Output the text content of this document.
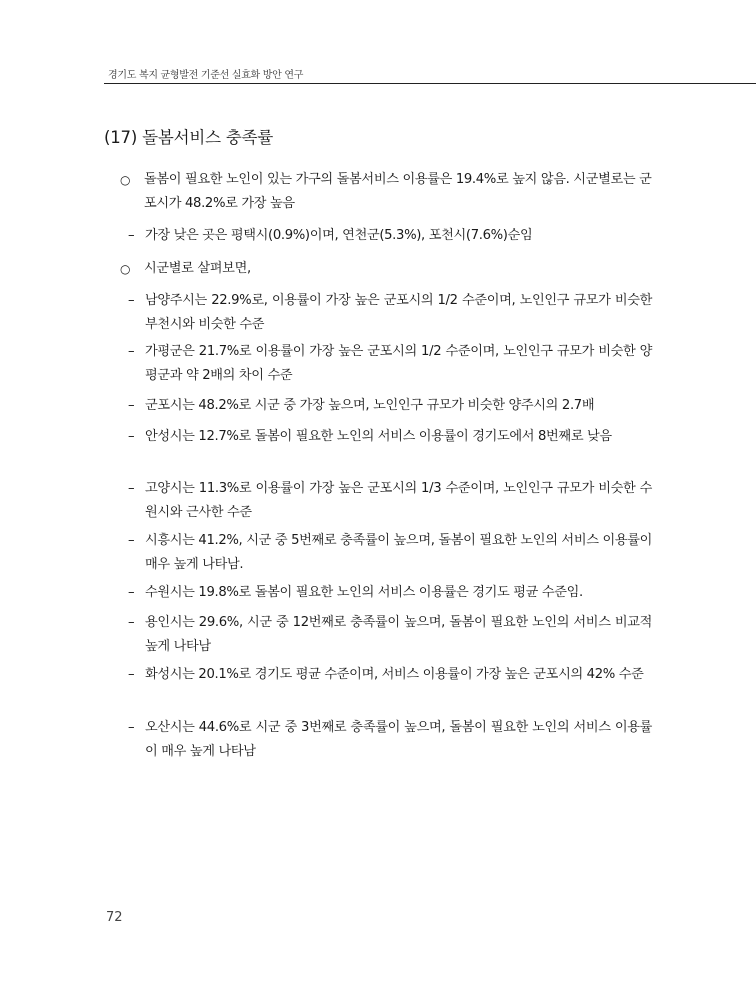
경기도 복지 균형발전 기준선 실효화 방안 연구
(17) 돌봄서비스 충족률
○ 돌봄이 필요한 노인이 있는 가구의 돌봄서비스 이용률은 19.4%로 높지 않음. 시군별로는 군포시가 48.2%로 가장 높음
– 가장 낮은 곳은 평택시(0.9%)이며, 연천군(5.3%), 포천시(7.6%)순임
○ 시군별로 살펴보면,
– 남양주시는 22.9%로, 이용률이 가장 높은 군포시의 1/2 수준이며, 노인인구 규모가 비슷한 부천시와 비슷한 수준
– 가평군은 21.7%로 이용률이 가장 높은 군포시의 1/2 수준이며, 노인인구 규모가 비슷한 양평군과 약 2배의 차이 수준
– 군포시는 48.2%로 시군 중 가장 높으며, 노인인구 규모가 비슷한 양주시의 2.7배
– 안성시는 12.7%로 돌봄이 필요한 노인의 서비스 이용률이 경기도에서 8번째로 낮음
– 고양시는 11.3%로 이용률이 가장 높은 군포시의 1/3 수준이며, 노인인구 규모가 비슷한 수원시와 근사한 수준
– 시흥시는 41.2%, 시군 중 5번째로 충족률이 높으며, 돌봄이 필요한 노인의 서비스 이용률이 매우 높게 나타남.
– 수원시는 19.8%로 돌봄이 필요한 노인의 서비스 이용률은 경기도 평균 수준임.
– 용인시는 29.6%, 시군 중 12번째로 충족률이 높으며, 돌봄이 필요한 노인의 서비스 비교적 높게 나타남
– 화성시는 20.1%로 경기도 평균 수준이며, 서비스 이용률이 가장 높은 군포시의 42% 수준
– 오산시는 44.6%로 시군 중 3번째로 충족률이 높으며, 돌봄이 필요한 노인의 서비스 이용률이 매우 높게 나타남
72
